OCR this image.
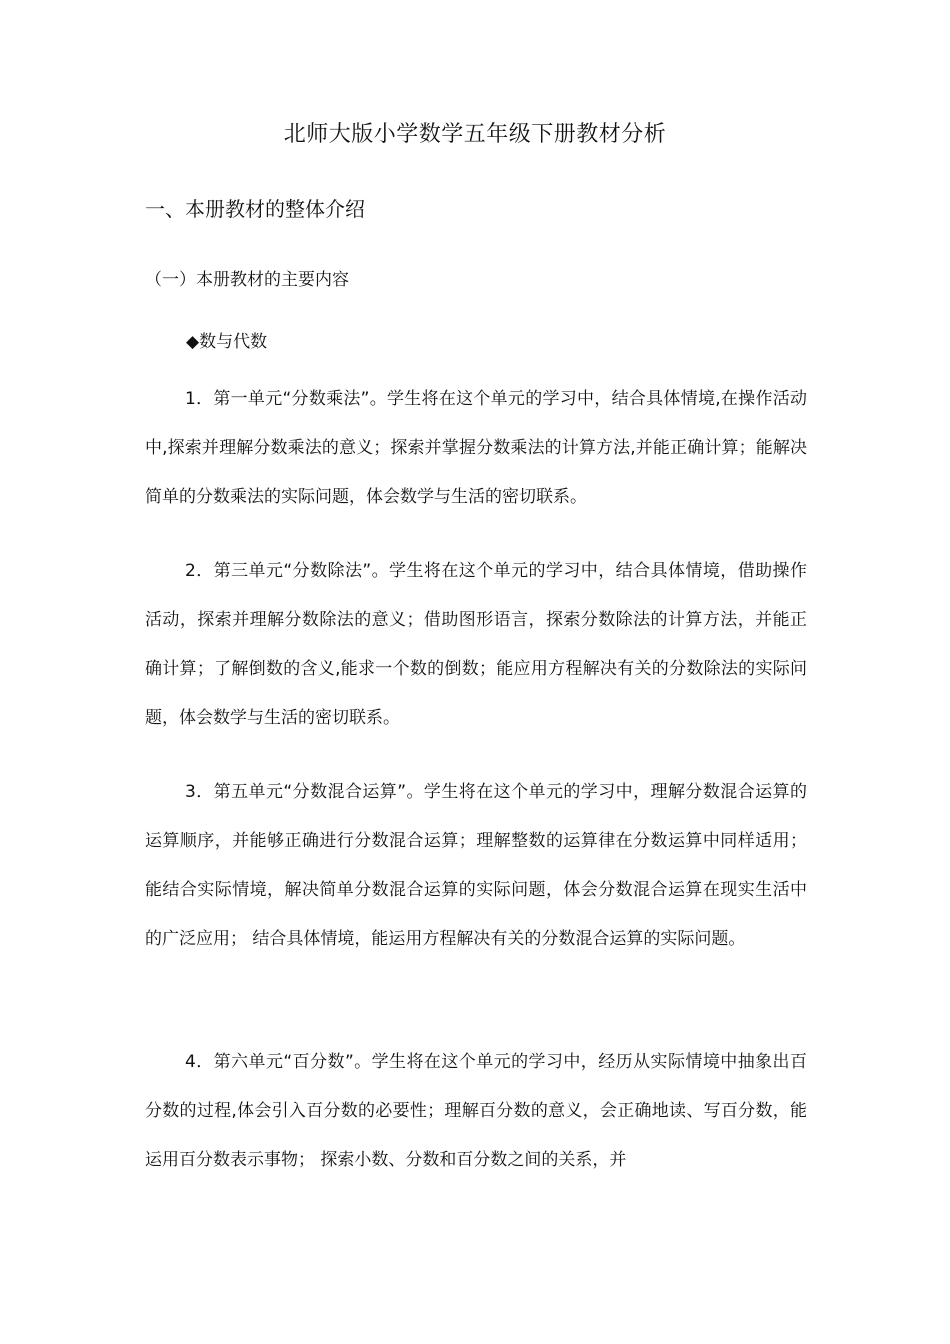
北师大版小学数学五年级下册教材分析
一、本册教材的整体介绍
（一）本册教材的主要内容
◆数与代数

1．第一单元“分数乘法”。学生将在这个单元的学习中，结合具体情境,在操作活动中,探索并理解分数乘法的意义；探索并掌握分数乘法的计算方法,并能正确计算；能解决简单的分数乘法的实际问题，体会数学与生活的密切联系。

2．第三单元“分数除法”。学生将在这个单元的学习中，结合具体情境，借助操作活动，探索并理解分数除法的意义；借助图形语言，探索分数除法的计算方法，并能正确计算；了解倒数的含义,能求一个数的倒数；能应用方程解决有关的分数除法的实际问题，体会数学与生活的密切联系。

3．第五单元“分数混合运算”。学生将在这个单元的学习中，理解分数混合运算的运算顺序，并能够正确进行分数混合运算；理解整数的运算律在分数运算中同样适用；能结合实际情境，解决简单分数混合运算的实际问题，体会分数混合运算在现实生活中的广泛应用； 结合具体情境，能运用方程解决有关的分数混合运算的实际问题。

4．第六单元“百分数”。学生将在这个单元的学习中，经历从实际情境中抽象出百分数的过程,体会引入百分数的必要性；理解百分数的意义，会正确地读、写百分数，能运用百分数表示事物； 探索小数、分数和百分数之间的关系，并
